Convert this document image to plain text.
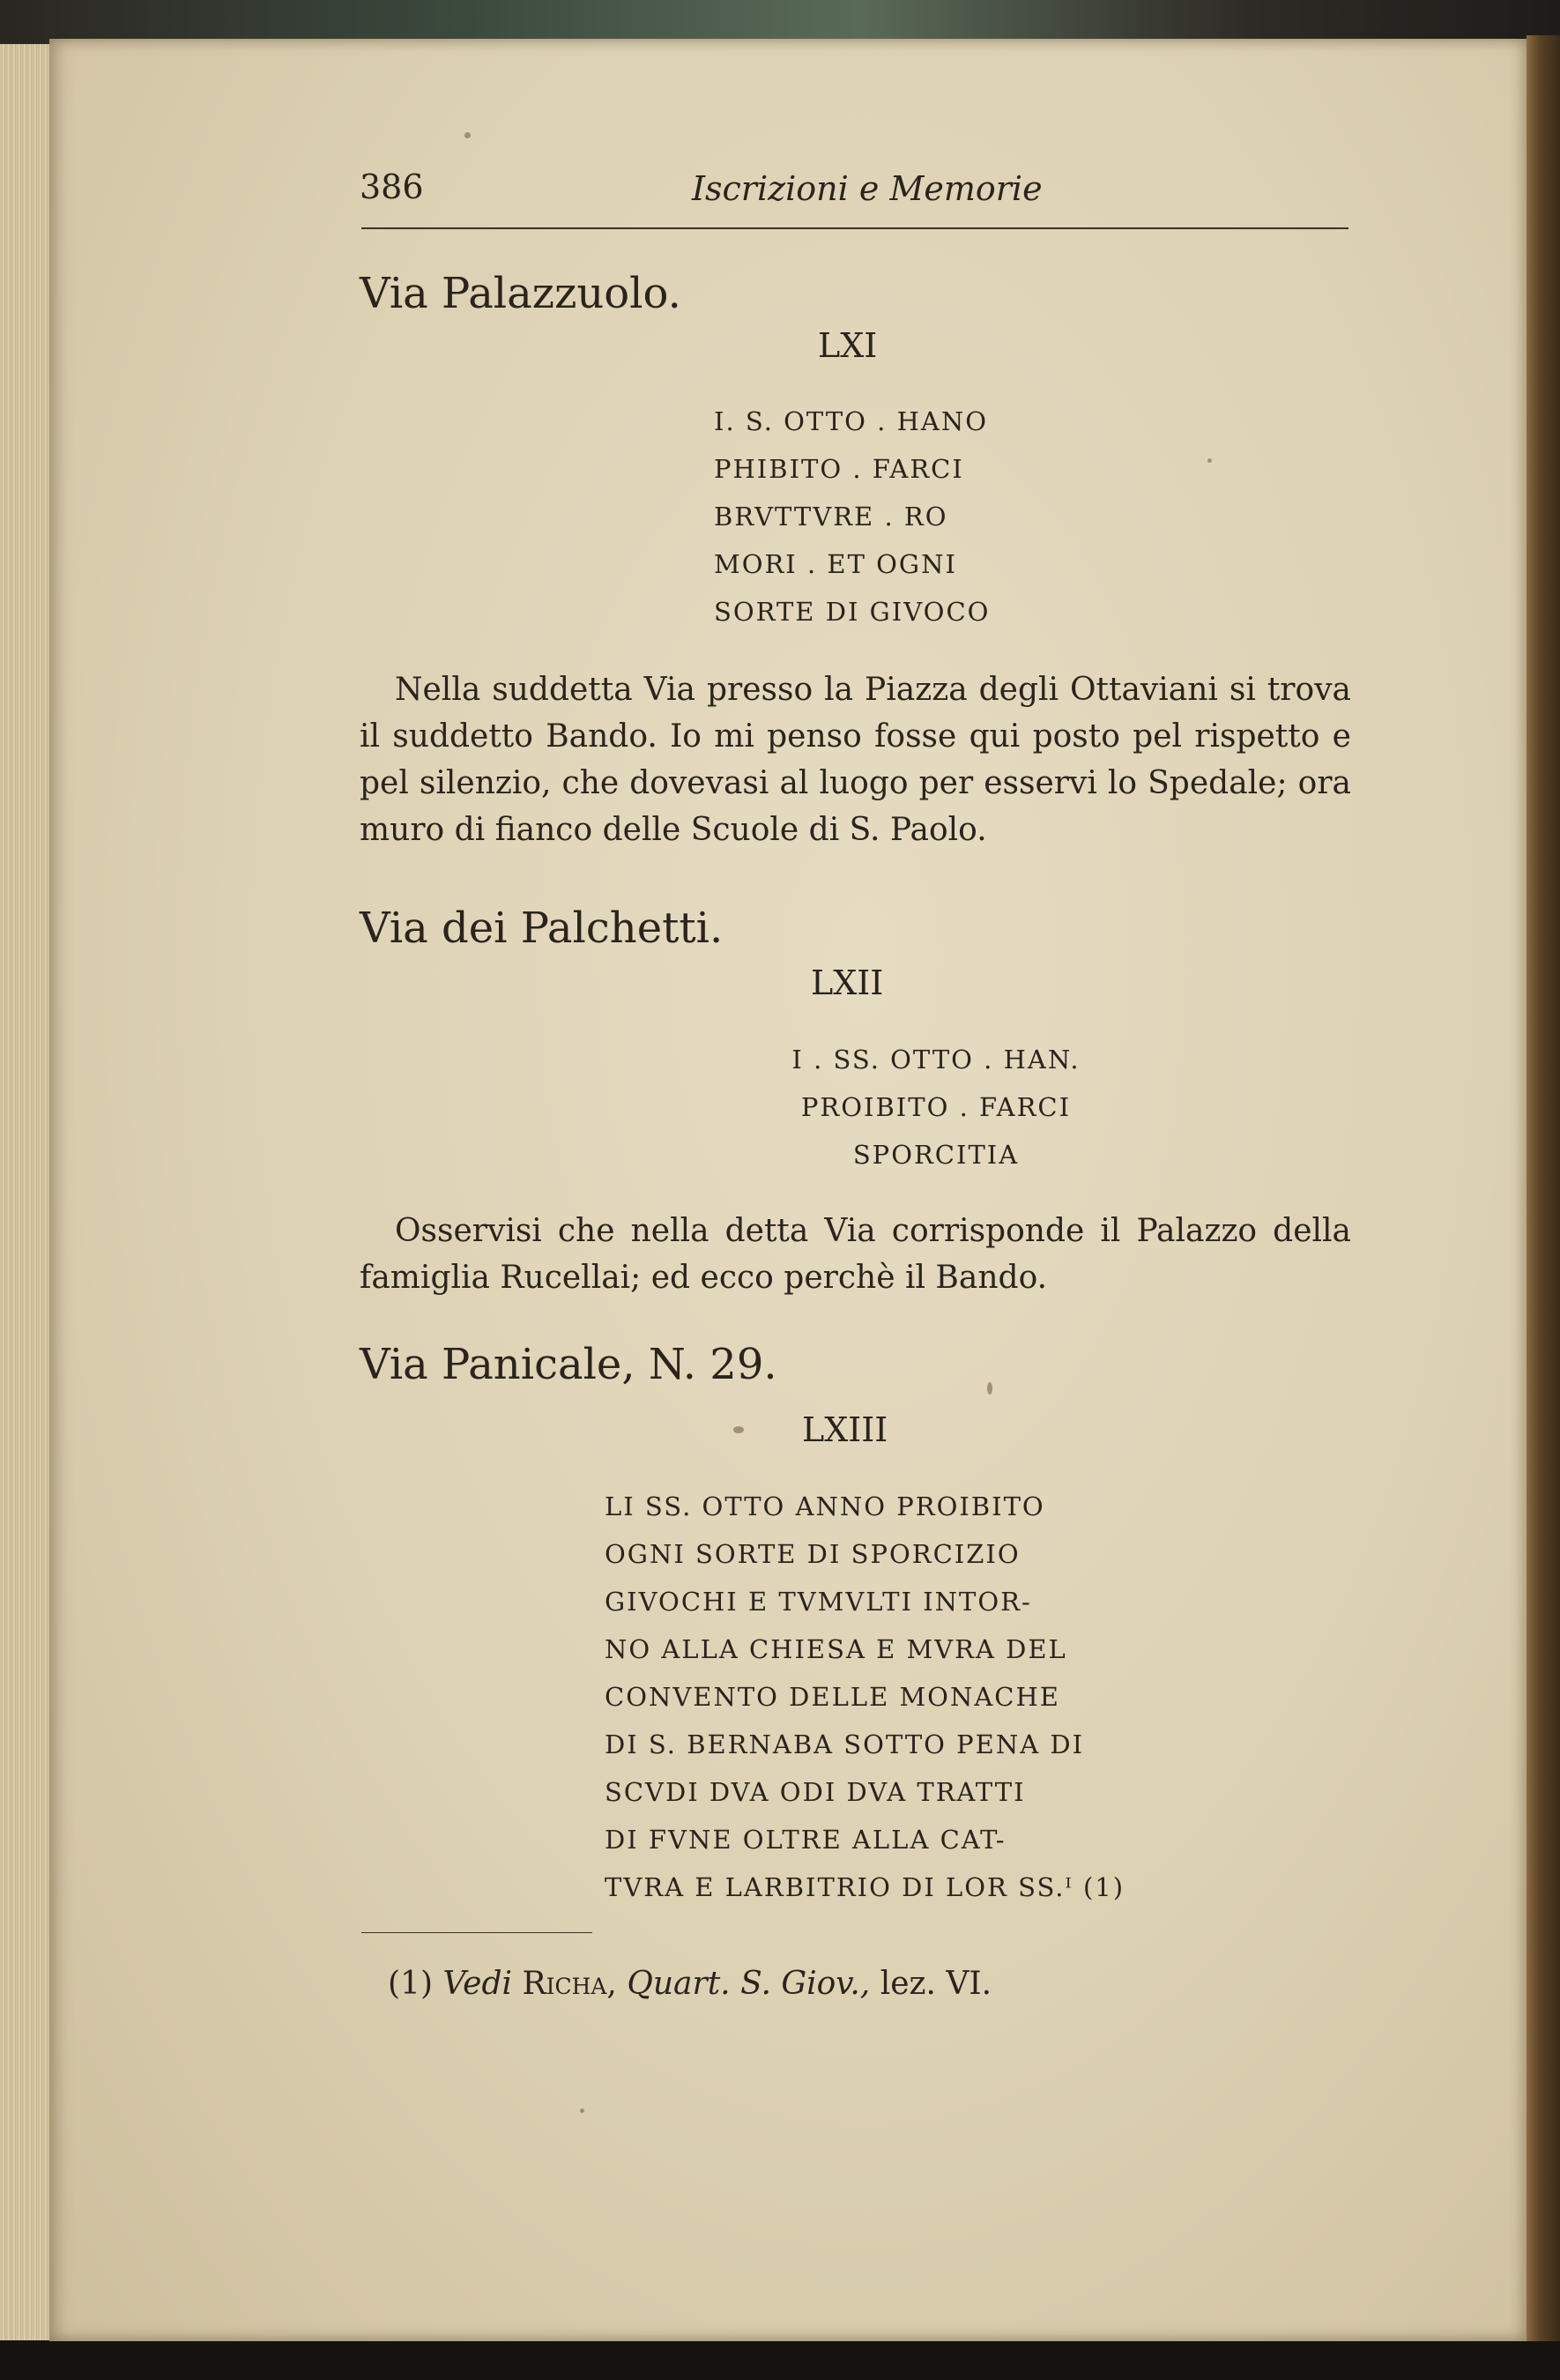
386	Iscrizioni e Memorie
Via Palazzuolo.
LXI
I. S. OTTO . HANO
PHIBITO . FARCI
BRVTTVRE . RO
MORI . ET OGNI
SORTE DI GIVOCO
Nella suddetta Via presso la Piazza degli Ottaviani si trova il suddetto Bando. Io mi penso fosse qui posto pel rispetto e pel silenzio, che dovevasi al luogo per esservi lo Spedale; ora muro di fianco delle Scuole di S. Paolo.
Via dei Palchetti.
LXII
I . SS. OTTO . HAN.
PROIBITO . FARCI
SPORCITIA
Osservisi che nella detta Via corrisponde il Palazzo della famiglia Rucellai; ed ecco perchè il Bando.
Via Panicale, N. 29.
LXIII
LI SS. OTTO ANNO PROIBITO
OGNI SORTE DI SPORCIZIO
GIVOCHI E TVMVLTI INTOR-
NO ALLA CHIESA E MVRA DEL
CONVENTO DELLE MONACHE
DI S. BERNABA SOTTO PENA DI
SCVDI DVA ODI DVA TRATTI
DI FVNE OLTRE ALLA CAT-
TVRA E LARBITRIO DI LOR SS.ᴵ (1)
(1) Vedi Richa, Quart. S. Giov., lez. VI.
